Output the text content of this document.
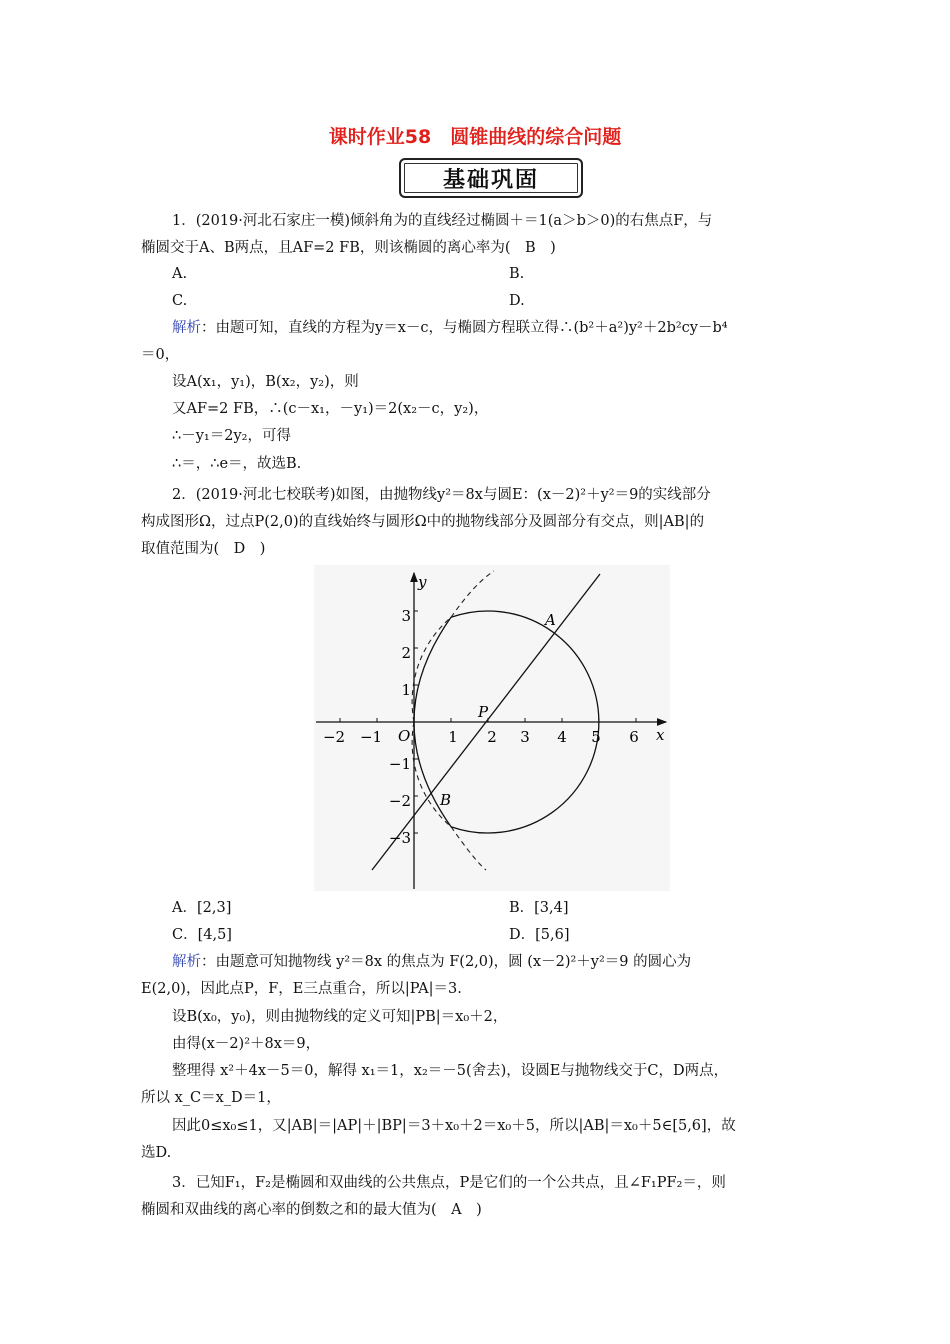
课时作业58　圆锥曲线的综合问题
基础巩固
1．(2019·河北石家庄一模)倾斜角为的直线经过椭圆＋＝1(a＞b＞0)的右焦点F，与
椭圆交于A、B两点，且AF=2 FB，则该椭圆的离心率为(　B　)
A.	B.
C.	D.
解析：由题可知，直线的方程为y＝x－c，与椭圆方程联立得∴(b²＋a²)y²＋2b²cy－b⁴
＝0，
设A(x₁，y₁)，B(x₂，y₂)，则
又AF=2 FB，∴(c－x₁，－y₁)＝2(x₂－c，y₂)，
∴－y₁＝2y₂，可得
∴＝，∴e＝，故选B.
2．(2019·河北七校联考)如图，由抛物线y²＝8x与圆E：(x－2)²＋y²＝9的实线部分
构成图形Ω，过点P(2,0)的直线始终与圆形Ω中的抛物线部分及圆部分有交点，则|AB|的
取值范围为(　D　)
y
x
O
P
A
B
−2 −1	1 2 3 4 5 6
3
2
1
−1
−2
−3
A．[2,3]	B．[3,4]
C．[4,5]	D．[5,6]
解析：由题意可知抛物线 y²＝8x 的焦点为 F(2,0)，圆 (x－2)²＋y²＝9 的圆心为
E(2,0)，因此点P，F，E三点重合，所以|PA|＝3.
设B(x₀，y₀)，则由抛物线的定义可知|PB|＝x₀＋2，
由得(x－2)²＋8x＝9，
整理得 x²＋4x－5＝0，解得 x₁＝1，x₂＝－5(舍去)，设圆E与抛物线交于C，D两点，
所以 x_C＝x_D＝1，
因此0≤x₀≤1，又|AB|＝|AP|＋|BP|＝3＋x₀＋2＝x₀＋5，所以|AB|＝x₀＋5∈[5,6]，故
选D.
3．已知F₁，F₂是椭圆和双曲线的公共焦点，P是它们的一个公共点，且∠F₁PF₂＝，则
椭圆和双曲线的离心率的倒数之和的最大值为(　A　)
